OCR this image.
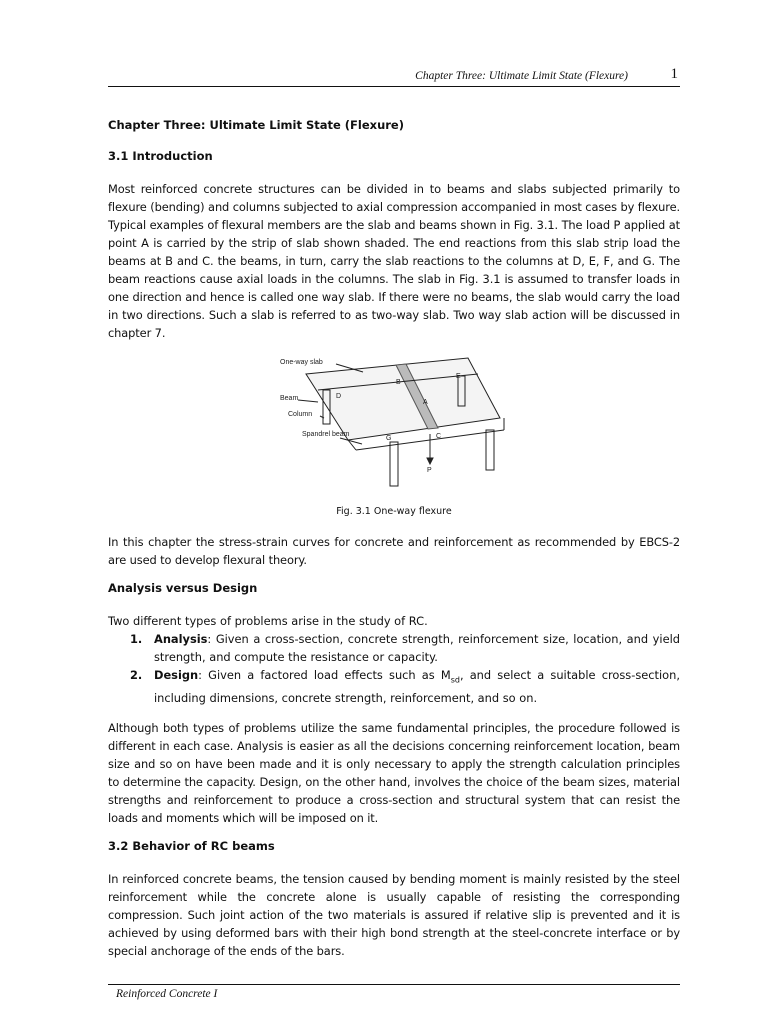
Chapter Three: Ultimate Limit State (Flexure)	1
Chapter Three: Ultimate Limit State (Flexure)
3.1 Introduction

Most reinforced concrete structures can be divided in to beams and slabs subjected primarily to flexure (bending) and columns subjected to axial compression accompanied in most cases by flexure. Typical examples of flexural members are the slab and beams shown in Fig. 3.1. The load P applied at point A is carried by the strip of slab shown shaded. The end reactions from this slab strip load the beams at B and C. the beams, in turn, carry the slab reactions to the columns at D, E, F, and G. The beam reactions cause axial loads in the columns. The slab in Fig. 3.1 is assumed to transfer loads in one direction and hence is called one way slab. If there were no beams, the slab would carry the load in two directions. Such a slab is referred to as two-way slab. Two way slab action will be discussed in chapter 7.

One-way slab
Beam
Column
Spandrel beam
B
E
D
A
C
G
P
Fig. 3.1 One-way flexure

In this chapter the stress-strain curves for concrete and reinforcement as recommended by EBCS-2 are used to develop flexural theory.

Analysis versus Design

Two different types of problems arise in the study of RC.

1. Analysis: Given a cross-section, concrete strength, reinforcement size, location, and yield strength, and compute the resistance or capacity.
2. Design: Given a factored load effects such as $M_{sd}$, and select a suitable cross-section, including dimensions, concrete strength, reinforcement, and so on.

Although both types of problems utilize the same fundamental principles, the procedure followed is different in each case. Analysis is easier as all the decisions concerning reinforcement location, beam size and so on have been made and it is only necessary to apply the strength calculation principles to determine the capacity. Design, on the other hand, involves the choice of the beam sizes, material strengths and reinforcement to produce a cross-section and structural system that can resist the loads and moments which will be imposed on it.

3.2 Behavior of RC beams

In reinforced concrete beams, the tension caused by bending moment is mainly resisted by the steel reinforcement while the concrete alone is usually capable of resisting the corresponding compression. Such joint action of the two materials is assured if relative slip is prevented and it is achieved by using deformed bars with their high bond strength at the steel-concrete interface or by special anchorage of the ends of the bars.

Reinforced Concrete I
